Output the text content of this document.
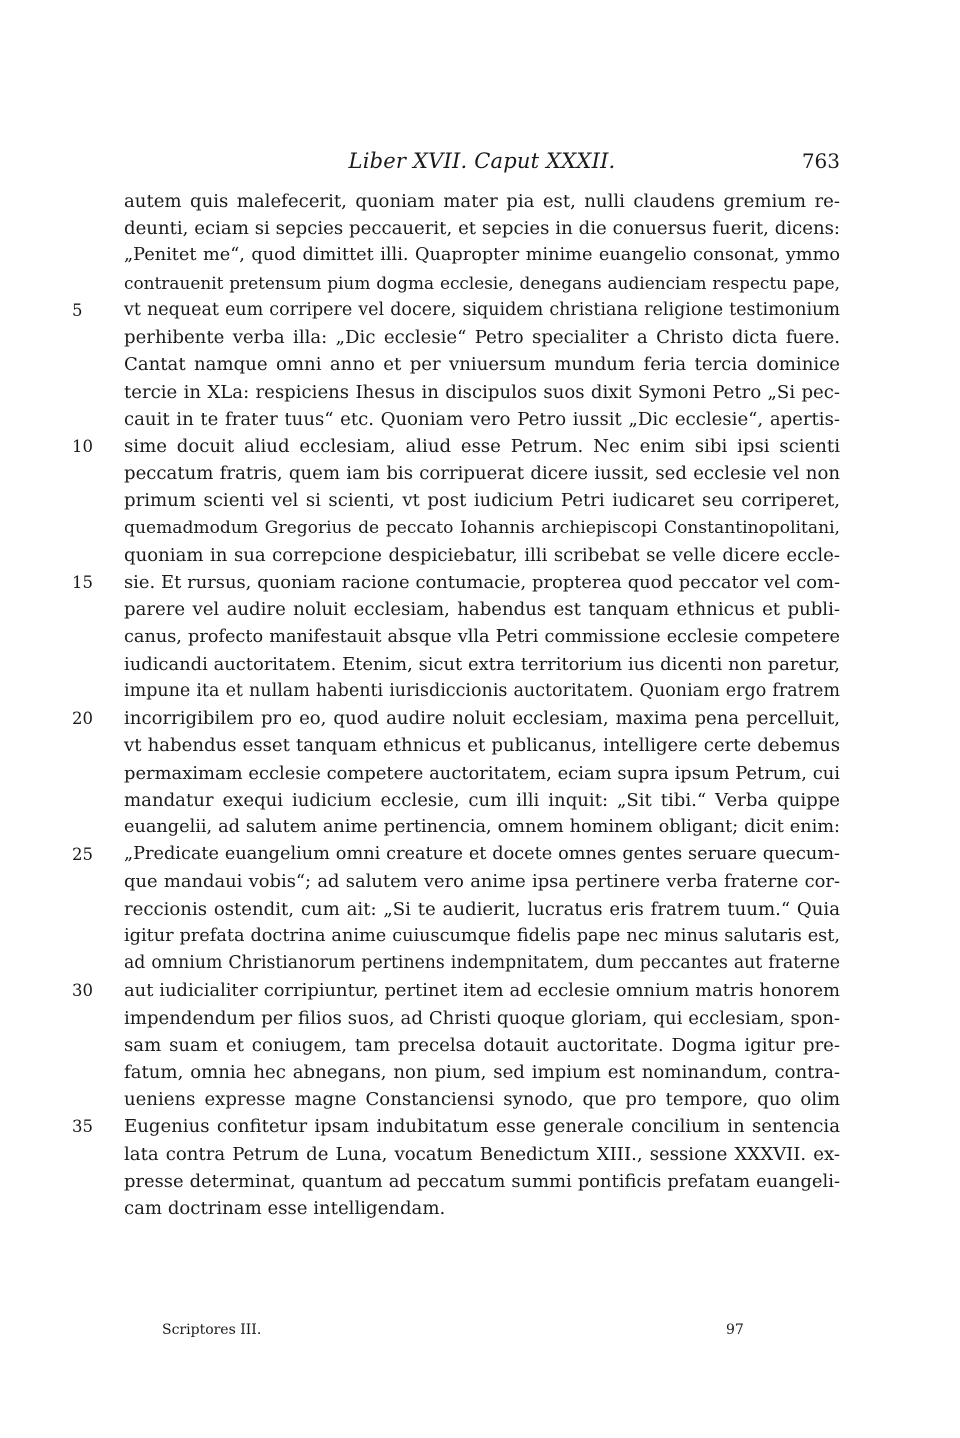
Liber XVII. Caput XXXII.	763
autem quis malefecerit, quoniam mater pia est, nulli claudens gremium re-
deunti, eciam si sepcies peccauerit, et sepcies in die conuersus fuerit, dicens:
„Penitet me“, quod dimittet illi. Quapropter minime euangelio consonat, ymmo
contrauenit pretensum pium dogma ecclesie, denegans audienciam respectu pape,
5	vt nequeat eum corripere vel docere, siquidem christiana religione testimonium
perhibente verba illa: „Dic ecclesie“ Petro specialiter a Christo dicta fuere.
Cantat namque omni anno et per vniuersum mundum feria tercia dominice
tercie in XLa: respiciens Ihesus in discipulos suos dixit Symoni Petro „Si pec-
cauit in te frater tuus“ etc. Quoniam vero Petro iussit „Dic ecclesie“, apertis-
10	sime docuit aliud ecclesiam, aliud esse Petrum. Nec enim sibi ipsi scienti
peccatum fratris, quem iam bis corripuerat dicere iussit, sed ecclesie vel non
primum scienti vel si scienti, vt post iudicium Petri iudicaret seu corriperet,
quemadmodum Gregorius de peccato Iohannis archiepiscopi Constantinopolitani,
quoniam in sua correpcione despiciebatur, illi scribebat se velle dicere eccle-
15	sie. Et rursus, quoniam racione contumacie, propterea quod peccator vel com-
parere vel audire noluit ecclesiam, habendus est tanquam ethnicus et publi-
canus, profecto manifestauit absque vlla Petri commissione ecclesie competere
iudicandi auctoritatem. Etenim, sicut extra territorium ius dicenti non paretur,
impune ita et nullam habenti iurisdiccionis auctoritatem. Quoniam ergo fratrem
20	incorrigibilem pro eo, quod audire noluit ecclesiam, maxima pena percelluit,
vt habendus esset tanquam ethnicus et publicanus, intelligere certe debemus
permaximam ecclesie competere auctoritatem, eciam supra ipsum Petrum, cui
mandatur exequi iudicium ecclesie, cum illi inquit: „Sit tibi.“ Verba quippe
euangelii, ad salutem anime pertinencia, omnem hominem obligant; dicit enim:
25	„Predicate euangelium omni creature et docete omnes gentes seruare quecum-
que mandaui vobis“; ad salutem vero anime ipsa pertinere verba fraterne cor-
reccionis ostendit, cum ait: „Si te audierit, lucratus eris fratrem tuum.“ Quia
igitur prefata doctrina anime cuiuscumque fidelis pape nec minus salutaris est,
ad omnium Christianorum pertinens indempnitatem, dum peccantes aut fraterne
30	aut iudicialiter corripiuntur, pertinet item ad ecclesie omnium matris honorem
impendendum per filios suos, ad Christi quoque gloriam, qui ecclesiam, spon-
sam suam et coniugem, tam precelsa dotauit auctoritate. Dogma igitur pre-
fatum, omnia hec abnegans, non pium, sed impium est nominandum, contra-
ueniens expresse magne Constanciensi synodo, que pro tempore, quo olim
35	Eugenius confitetur ipsam indubitatum esse generale concilium in sentencia
lata contra Petrum de Luna, vocatum Benedictum XIII., sessione XXXVII. ex-
presse determinat, quantum ad peccatum summi pontificis prefatam euangeli-
cam doctrinam esse intelligendam.
Scriptores III.	97
